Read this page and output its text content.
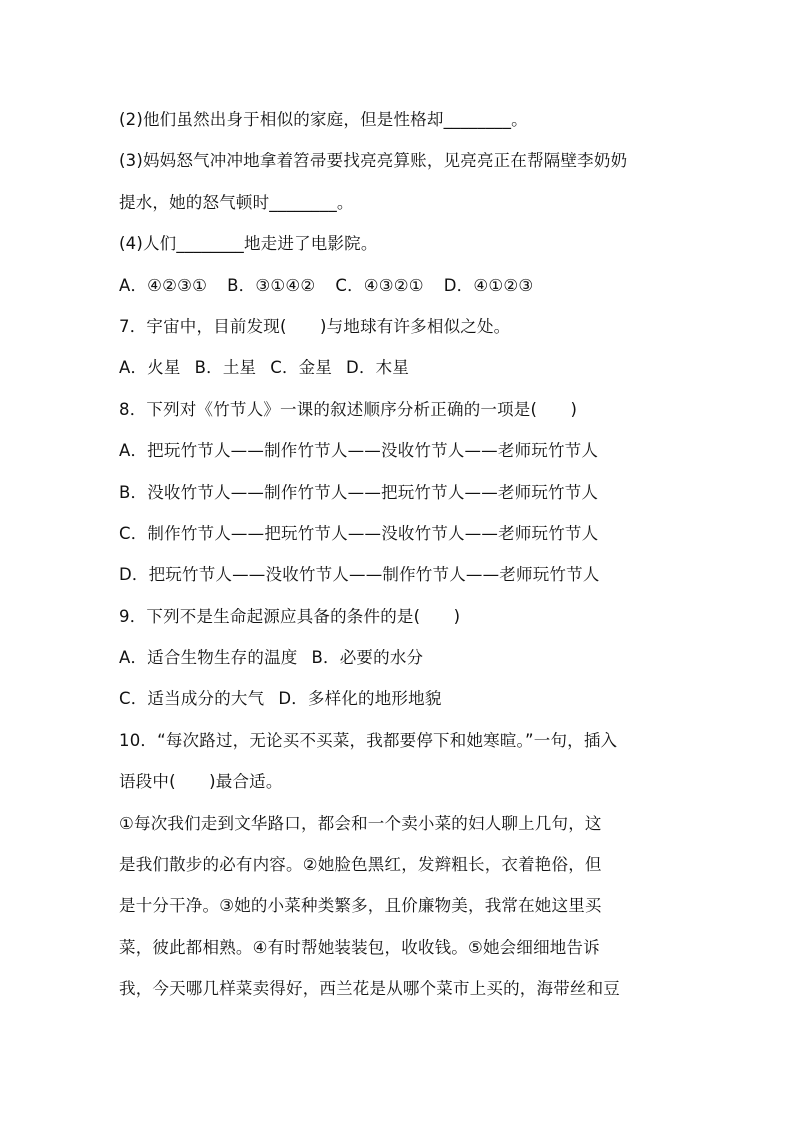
(2)他们虽然出身于相似的家庭，但是性格却________。

(3)妈妈怒气冲冲地拿着笤帚要找亮亮算账，见亮亮正在帮隔壁李奶奶

提水，她的怒气顿时________。

(4)人们________地走进了电影院。

A．④②③① B．③①④② C．④③②① D．④①②③

7．宇宙中，目前发现(　　)与地球有许多相似之处。

A．火星 B．土星 C．金星 D．木星

8．下列对《竹节人》一课的叙述顺序分析正确的一项是(　　)

A．把玩竹节人——制作竹节人——没收竹节人——老师玩竹节人

B．没收竹节人——制作竹节人——把玩竹节人——老师玩竹节人

C．制作竹节人——把玩竹节人——没收竹节人——老师玩竹节人

D．把玩竹节人——没收竹节人——制作竹节人——老师玩竹节人

9．下列不是生命起源应具备的条件的是(　　)

A．适合生物生存的温度 B．必要的水分

C．适当成分的大气 D．多样化的地形地貌

10．“每次路过，无论买不买菜，我都要停下和她寒暄。”一句，插入

语段中(　　)最合适。

①每次我们走到文华路口，都会和一个卖小菜的妇人聊上几句，这

是我们散步的必有内容。②她脸色黑红，发辫粗长，衣着艳俗，但

是十分干净。③她的小菜种类繁多，且价廉物美，我常在她这里买

菜，彼此都相熟。④有时帮她装装包，收收钱。⑤她会细细地告诉

我，今天哪几样菜卖得好，西兰花是从哪个菜市上买的，海带丝和豆
